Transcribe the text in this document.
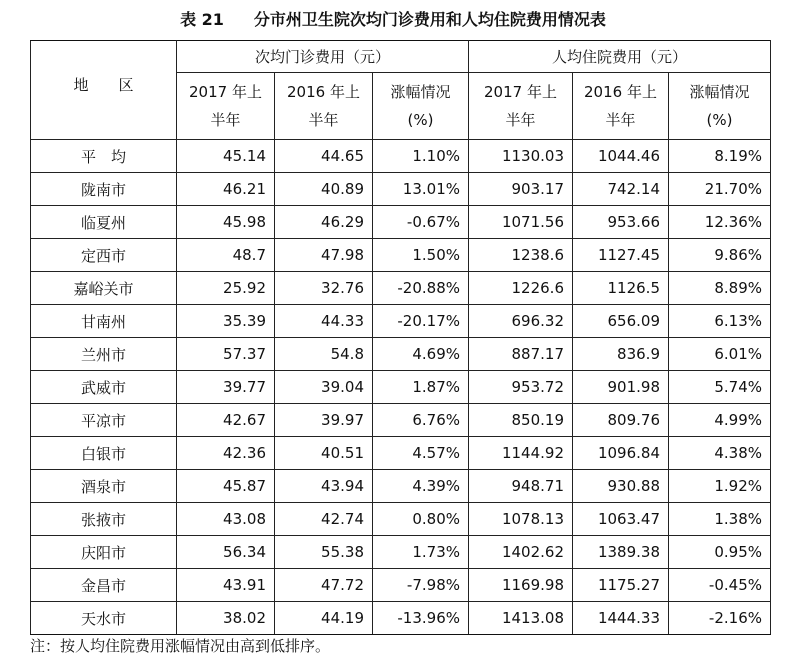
表 21 分市州卫生院次均门诊费用和人均住院费用情况表
地　　区	次均门诊费用（元）			人均住院费用（元）		
	2017 年上半年	2016 年上半年	涨幅情况(%)	2017 年上半年	2016 年上半年	涨幅情况(%)
平　均	45.14	44.65	1.10%	1130.03	1044.46	8.19%
陇南市	46.21	40.89	13.01%	903.17	742.14	21.70%
临夏州	45.98	46.29	-0.67%	1071.56	953.66	12.36%
定西市	48.7	47.98	1.50%	1238.6	1127.45	9.86%
嘉峪关市	25.92	32.76	-20.88%	1226.6	1126.5	8.89%
甘南州	35.39	44.33	-20.17%	696.32	656.09	6.13%
兰州市	57.37	54.8	4.69%	887.17	836.9	6.01%
武威市	39.77	39.04	1.87%	953.72	901.98	5.74%
平凉市	42.67	39.97	6.76%	850.19	809.76	4.99%
白银市	42.36	40.51	4.57%	1144.92	1096.84	4.38%
酒泉市	45.87	43.94	4.39%	948.71	930.88	1.92%
张掖市	43.08	42.74	0.80%	1078.13	1063.47	1.38%
庆阳市	56.34	55.38	1.73%	1402.62	1389.38	0.95%
金昌市	43.91	47.72	-7.98%	1169.98	1175.27	-0.45%
天水市	38.02	44.19	-13.96%	1413.08	1444.33	-2.16%
注：按人均住院费用涨幅情况由高到低排序。
